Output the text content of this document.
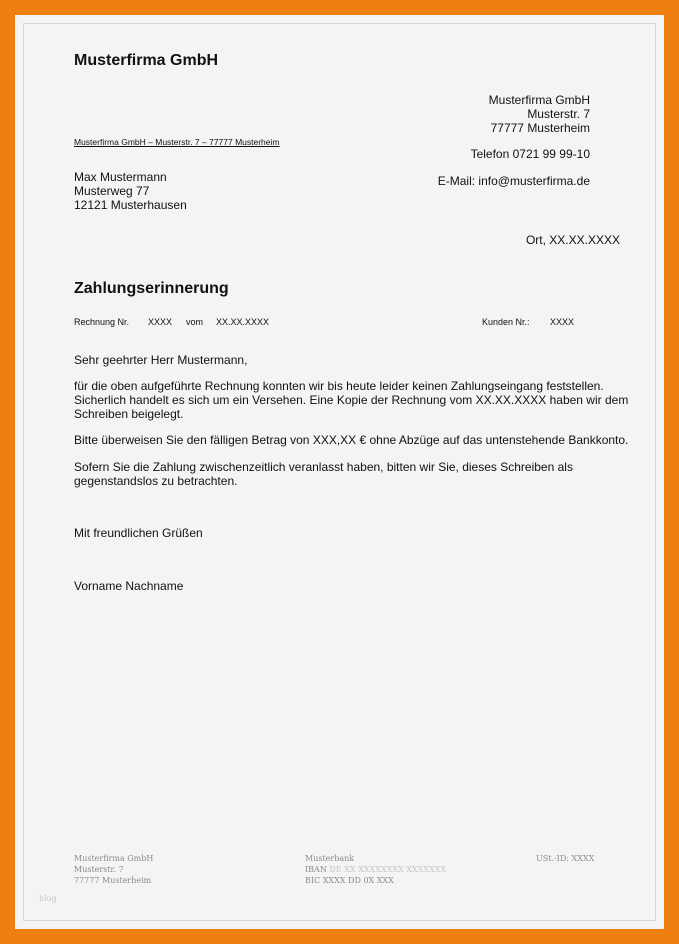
Musterfirma GmbH
Musterfirma GmbH
Musterstr. 7
77777 Musterheim
Musterfirma GmbH – Musterstr. 7 – 77777 Musterheim
Telefon 0721 99 99-10
E-Mail: info@musterfirma.de
Max Mustermann
Musterweg 77
12121 Musterhausen
Ort, XX.XX.XXXX
Zahlungserinnerung
Rechnung Nr. XXXX vom XX.XX.XXXX	Kunden Nr.: XXXX
Sehr geehrter Herr Mustermann,
für die oben aufgeführte Rechnung konnten wir bis heute leider keinen Zahlungseingang feststellen.
Sicherlich handelt es sich um ein Versehen. Eine Kopie der Rechnung vom XX.XX.XXXX haben wir dem
Schreiben beigelegt.
Bitte überweisen Sie den fälligen Betrag von XXX,XX € ohne Abzüge auf das untenstehende Bankkonto.
Sofern Sie die Zahlung zwischenzeitlich veranlasst haben, bitten wir Sie, dieses Schreiben als
gegenstandslos zu betrachten.
Mit freundlichen Grüßen
Vorname Nachname
Musterfirma GmbH
Musterstr. 7
77777 Musterheim
Musterbank
IBAN DE XX XXXXXXXX XXXXXXX
BIC XXXX DD 0X XXX
USt.-ID: XXXX
blog
